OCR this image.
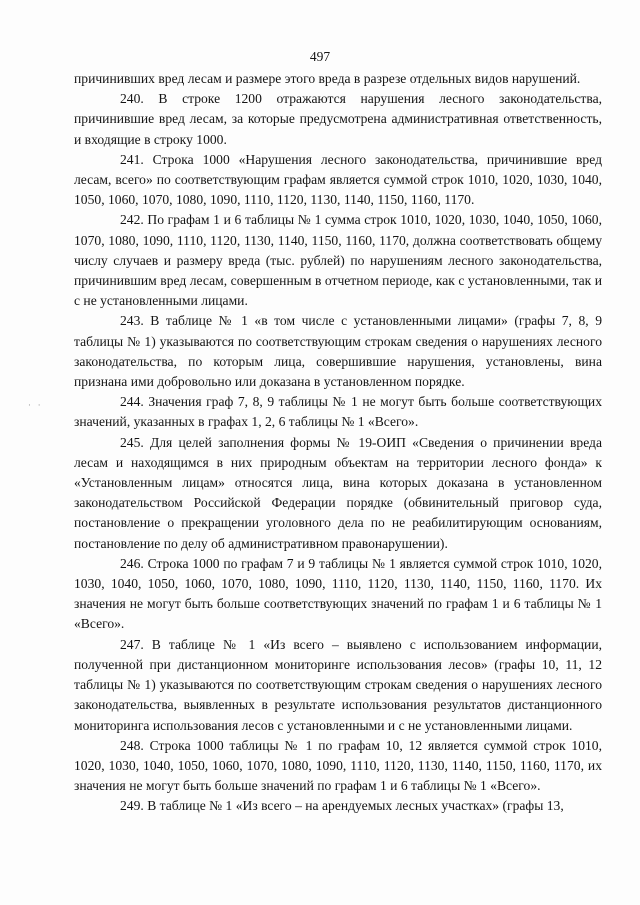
497
· ·

причинивших вред лесам и размере этого вреда в разрезе отдельных видов нарушений.

240. В строке 1200 отражаются нарушения лесного законодательства, причинившие вред лесам, за которые предусмотрена административная ответственность, и входящие в строку 1000.

241. Строка 1000 «Нарушения лесного законодательства, причинившие вред лесам, всего» по соответствующим графам является суммой строк 1010, 1020, 1030, 1040, 1050, 1060, 1070, 1080, 1090, 1110, 1120, 1130, 1140, 1150, 1160, 1170.

242. По графам 1 и 6 таблицы № 1 сумма строк 1010, 1020, 1030, 1040, 1050, 1060, 1070, 1080, 1090, 1110, 1120, 1130, 1140, 1150, 1160, 1170, должна соответствовать общему числу случаев и размеру вреда (тыс. рублей) по нарушениям лесного законодательства, причинившим вред лесам, совершенным в отчетном периоде, как с установленными, так и с не установленными лицами.

243. В таблице № 1 «в том числе с установленными лицами» (графы 7, 8, 9 таблицы № 1) указываются по соответствующим строкам сведения о нарушениях лесного законодательства, по которым лица, совершившие нарушения, установлены, вина признана ими добровольно или доказана в установленном порядке.

244. Значения граф 7, 8, 9 таблицы № 1 не могут быть больше соответствующих значений, указанных в графах 1, 2, 6 таблицы № 1 «Всего».

245. Для целей заполнения формы № 19-ОИП «Сведения о причинении вреда лесам и находящимся в них природным объектам на территории лесного фонда» к «Установленным лицам» относятся лица, вина которых доказана в установленном законодательством Российской Федерации порядке (обвинительный приговор суда, постановление о прекращении уголовного дела по не реабилитирующим основаниям, постановление по делу об административном правонарушении).

246. Строка 1000 по графам 7 и 9 таблицы № 1 является суммой строк 1010, 1020, 1030, 1040, 1050, 1060, 1070, 1080, 1090, 1110, 1120, 1130, 1140, 1150, 1160, 1170. Их значения не могут быть больше соответствующих значений по графам 1 и 6 таблицы № 1 «Всего».

247. В таблице № 1 «Из всего – выявлено с использованием информации, полученной при дистанционном мониторинге использования лесов» (графы 10, 11, 12 таблицы № 1) указываются по соответствующим строкам сведения о нарушениях лесного законодательства, выявленных в результате использования результатов дистанционного мониторинга использования лесов с установленными и с не установленными лицами.

248. Строка 1000 таблицы № 1 по графам 10, 12 является суммой строк 1010, 1020, 1030, 1040, 1050, 1060, 1070, 1080, 1090, 1110, 1120, 1130, 1140, 1150, 1160, 1170, их значения не могут быть больше значений по графам 1 и 6 таблицы № 1 «Всего».

249. В таблице № 1 «Из всего – на арендуемых лесных участках» (графы 13,
